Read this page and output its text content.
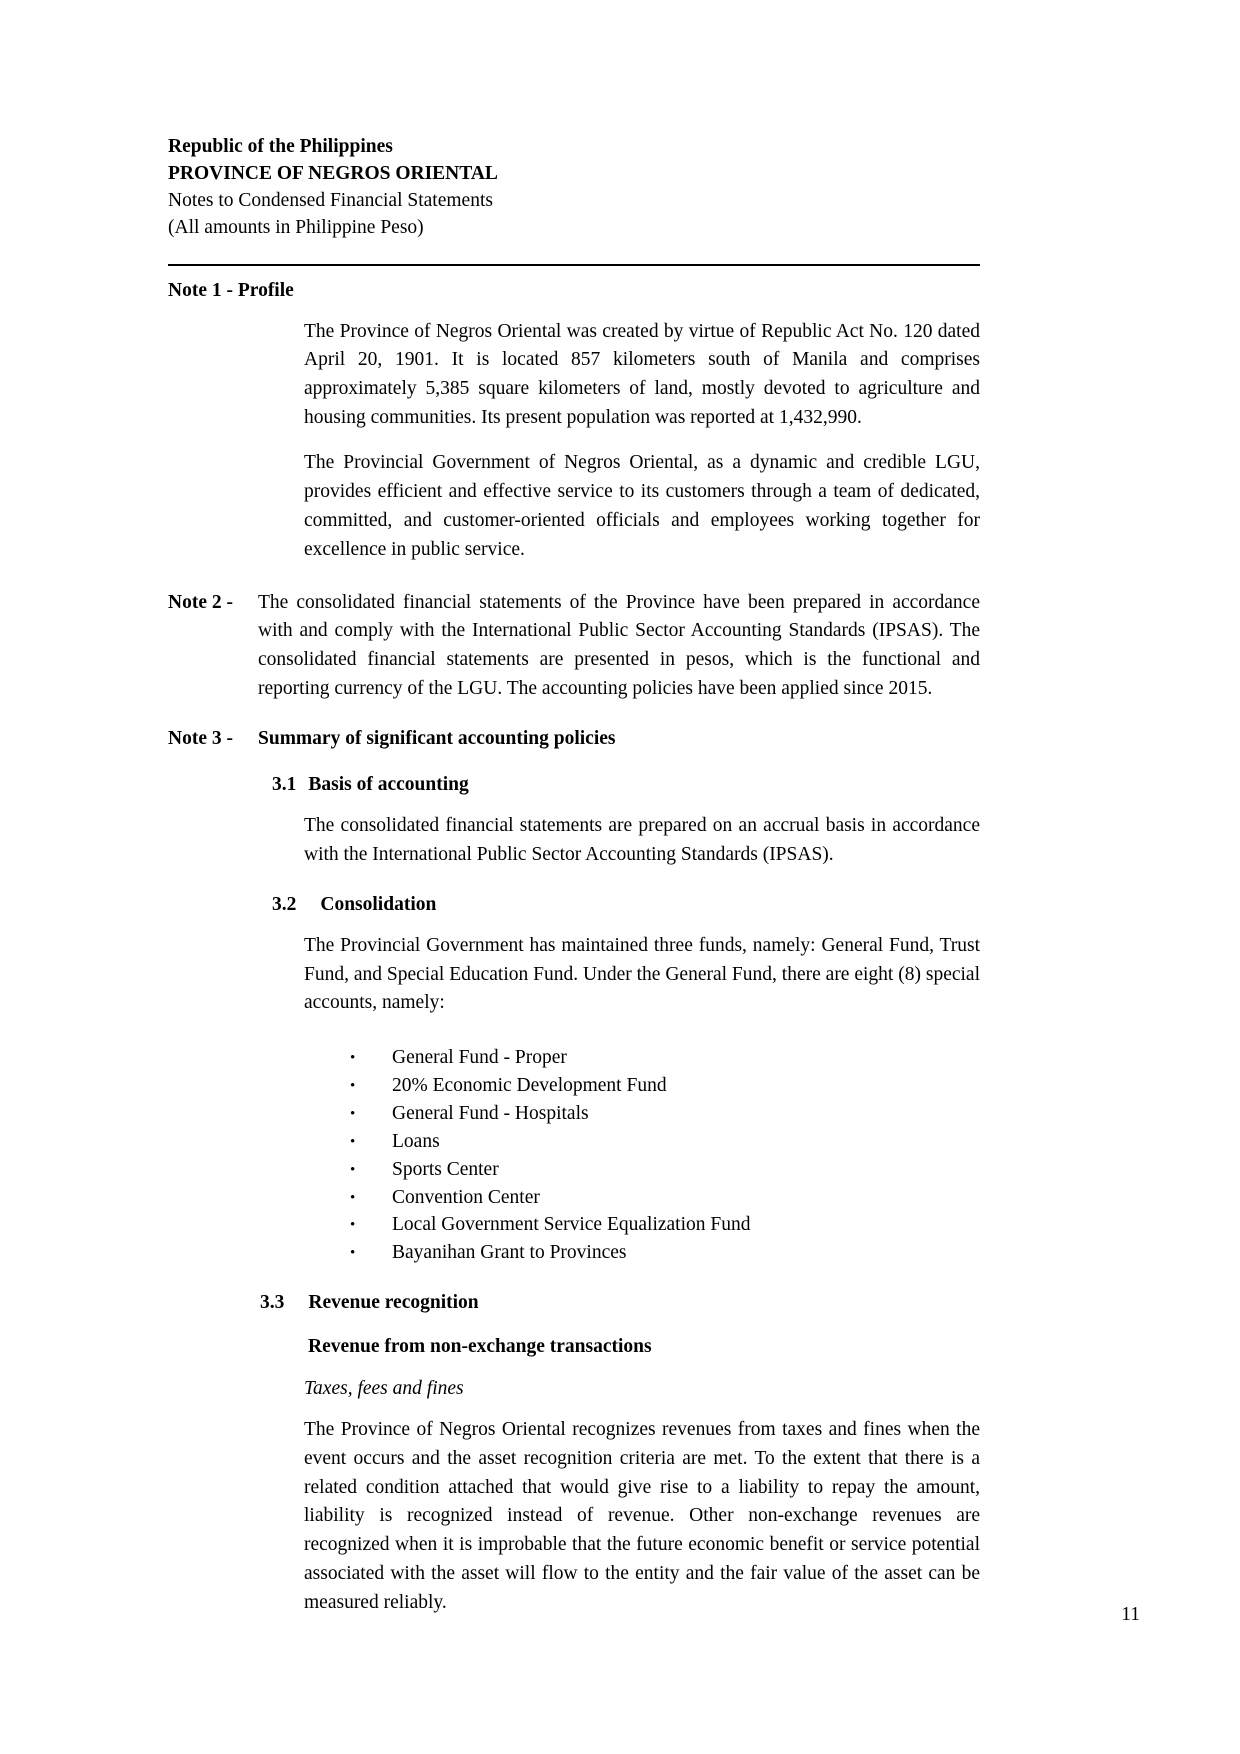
Republic of the Philippines
PROVINCE OF NEGROS ORIENTAL
Notes to Condensed Financial Statements
(All amounts in Philippine Peso)
Note 1 - Profile

The Province of Negros Oriental was created by virtue of Republic Act No. 120 dated April 20, 1901. It is located 857 kilometers south of Manila and comprises approximately 5,385 square kilometers of land, mostly devoted to agriculture and housing communities. Its present population was reported at 1,432,990.

The Provincial Government of Negros Oriental, as a dynamic and credible LGU, provides efficient and effective service to its customers through a team of dedicated, committed, and customer-oriented officials and employees working together for excellence in public service.

Note 2 -	The consolidated financial statements of the Province have been prepared in accordance with and comply with the International Public Sector Accounting Standards (IPSAS). The consolidated financial statements are presented in pesos, which is the functional and reporting currency of the LGU. The accounting policies have been applied since 2015.
Note 3 -	Summary of significant accounting policies
3.1 Basis of accounting

The consolidated financial statements are prepared on an accrual basis in accordance with the International Public Sector Accounting Standards (IPSAS).

3.2 Consolidation

The Provincial Government has maintained three funds, namely: General Fund, Trust Fund, and Special Education Fund. Under the General Fund, there are eight (8) special accounts, namely:

•	General Fund - Proper
•	20% Economic Development Fund
•	General Fund - Hospitals
•	Loans
•	Sports Center
•	Convention Center
•	Local Government Service Equalization Fund
•	Bayanihan Grant to Provinces
3.3 Revenue recognition
Revenue from non-exchange transactions
Taxes, fees and fines

The Province of Negros Oriental recognizes revenues from taxes and fines when the event occurs and the asset recognition criteria are met. To the extent that there is a related condition attached that would give rise to a liability to repay the amount, liability is recognized instead of revenue. Other non-exchange revenues are recognized when it is improbable that the future economic benefit or service potential associated with the asset will flow to the entity and the fair value of the asset can be measured reliably.

11
